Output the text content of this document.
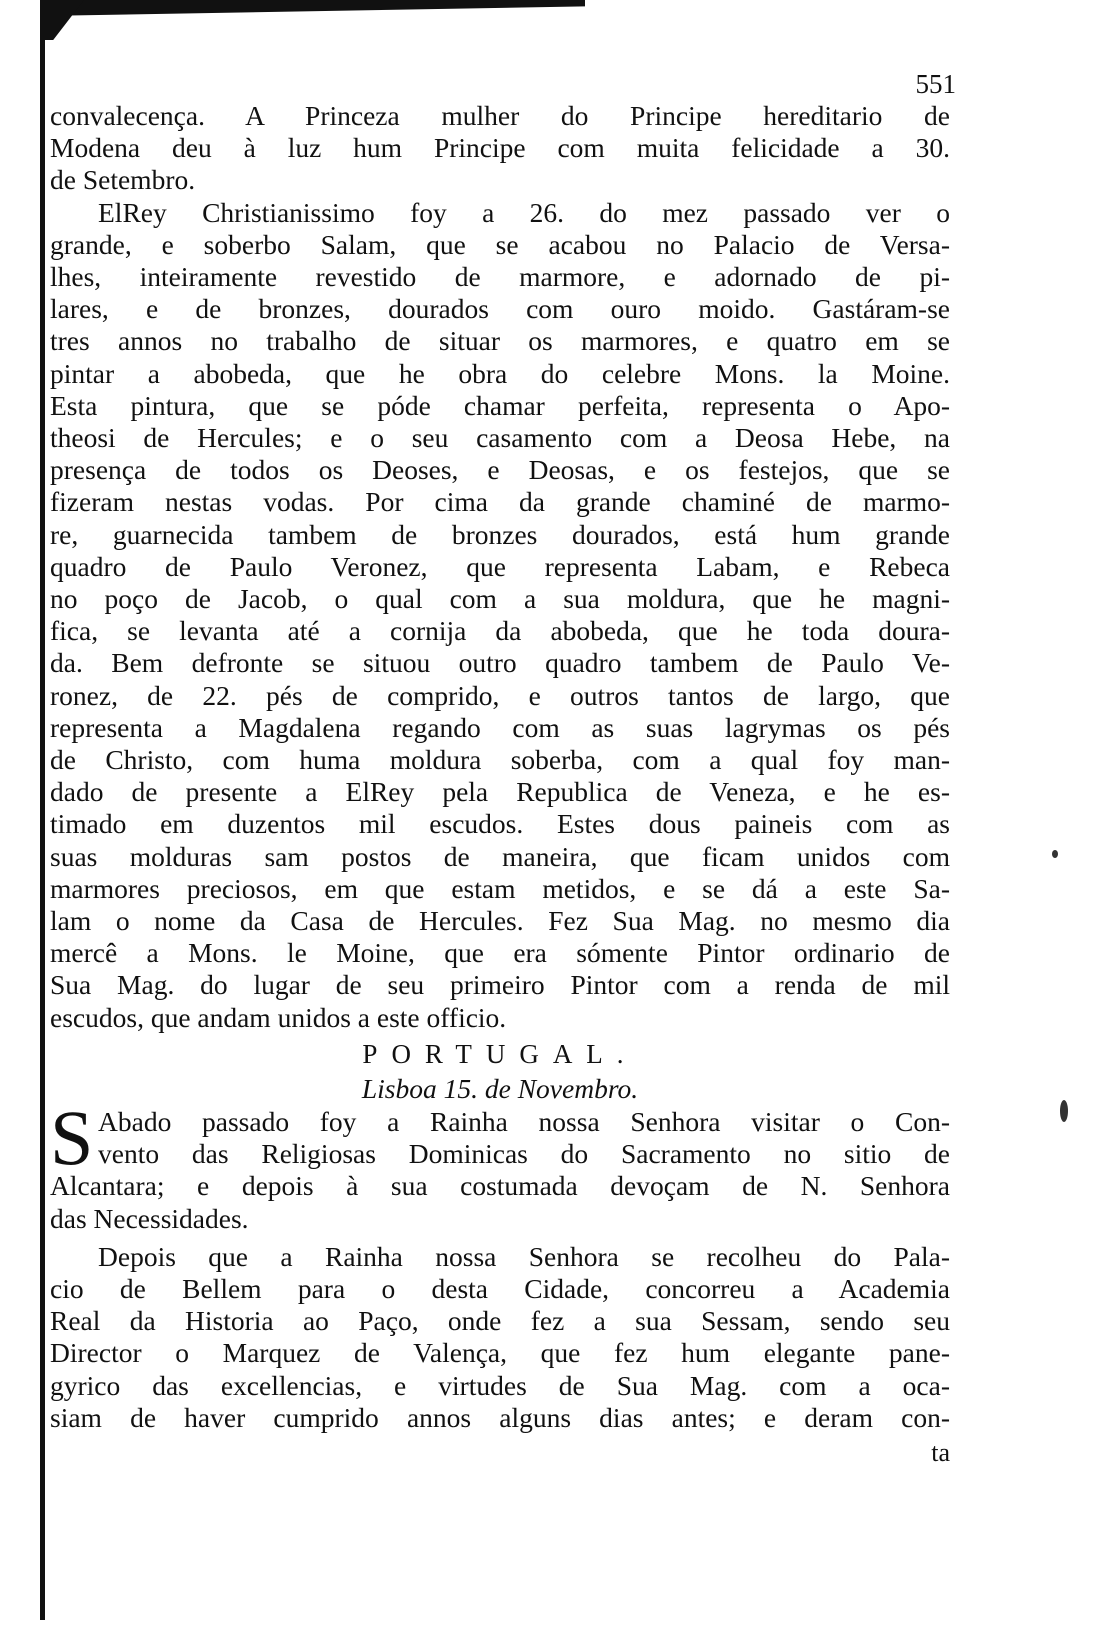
551
convalecença. A Princeza mulher do Principe hereditario de
Modena deu à luz hum Principe com muita felicidade a 30.
de Setembro.
ElRey Christianissimo foy a 26. do mez passado ver o
grande, e soberbo Salam, que se acabou no Palacio de Versa-
lhes, inteiramente revestido de marmore, e adornado de pi-
lares, e de bronzes, dourados com ouro moido. Gastáram-se
tres annos no trabalho de situar os marmores, e quatro em se
pintar a abobeda, que he obra do celebre Mons. la Moine.
Esta pintura, que se póde chamar perfeita, representa o Apo-
theosi de Hercules; e o seu casamento com a Deosa Hebe, na
presença de todos os Deoses, e Deosas, e os festejos, que se
fizeram nestas vodas. Por cima da grande chaminé de marmo-
re, guarnecida tambem de bronzes dourados, está hum grande
quadro de Paulo Veronez, que representa Labam, e Rebeca
no poço de Jacob, o qual com a sua moldura, que he magni-
fica, se levanta até a cornija da abobeda, que he toda doura-
da. Bem defronte se situou outro quadro tambem de Paulo Ve-
ronez, de 22. pés de comprido, e outros tantos de largo, que
representa a Magdalena regando com as suas lagrymas os pés
de Christo, com huma moldura soberba, com a qual foy man-
dado de presente a ElRey pela Republica de Veneza, e he es-
timado em duzentos mil escudos. Estes dous paineis com as
suas molduras sam postos de maneira, que ficam unidos com
marmores preciosos, em que estam metidos, e se dá a este Sa-
lam o nome da Casa de Hercules. Fez Sua Mag. no mesmo dia
mercê a Mons. le Moine, que era sómente Pintor ordinario de
Sua Mag. do lugar de seu primeiro Pintor com a renda de mil
escudos, que andam unidos a este officio.
PORTUGAL.
Lisboa 15. de Novembro.
S Abado passado foy a Rainha nossa Senhora visitar o Con-
vento das Religiosas Dominicas do Sacramento no sitio de
Alcantara; e depois à sua costumada devoçam de N. Senhora
das Necessidades.
Depois que a Rainha nossa Senhora se recolheu do Pala-
cio de Bellem para o desta Cidade, concorreu a Academia
Real da Historia ao Paço, onde fez a sua Sessam, sendo seu
Director o Marquez de Valença, que fez hum elegante pane-
gyrico das excellencias, e virtudes de Sua Mag. com a oca-
siam de haver cumprido annos alguns dias antes; e deram con-
ta
